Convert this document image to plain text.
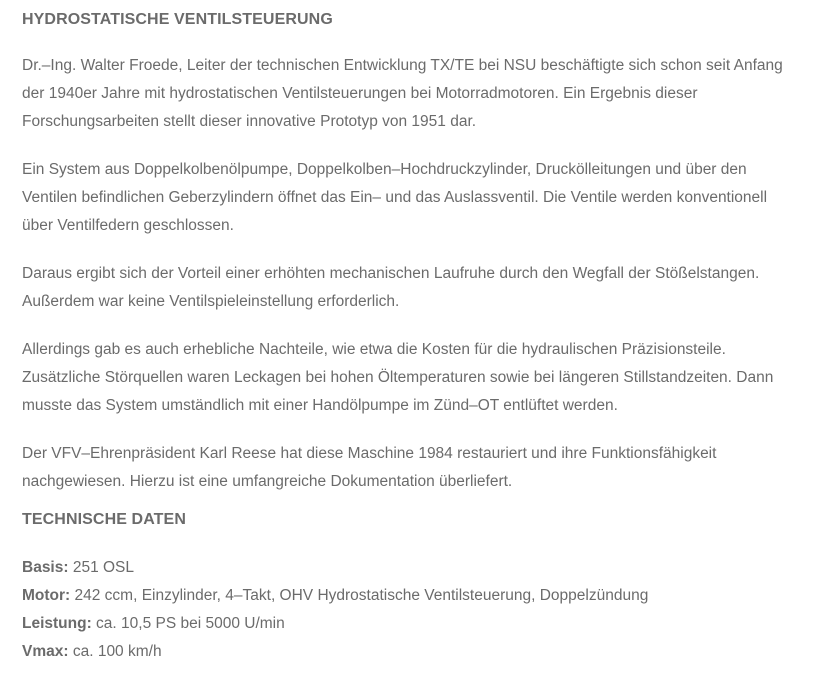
HYDROSTATISCHE VENTILSTEUERUNG

Dr.–Ing. Walter Froede, Leiter der technischen Entwicklung TX/TE bei NSU beschäftigte sich schon seit Anfang der 1940er Jahre mit hydrostatischen Ventilsteuerungen bei Motorradmotoren. Ein Ergebnis dieser Forschungsarbeiten stellt dieser innovative Prototyp von 1951 dar.

Ein System aus Doppelkolbenölpumpe, Doppelkolben–Hochdruckzylinder, Druckölleitungen und über den Ventilen befindlichen Geberzylindern öffnet das Ein– und das Auslassventil. Die Ventile werden konventionell über Ventilfedern geschlossen.

Daraus ergibt sich der Vorteil einer erhöhten mechanischen Laufruhe durch den Wegfall der Stößelstangen. Außerdem war keine Ventilspieleinstellung erforderlich.

Allerdings gab es auch erhebliche Nachteile, wie etwa die Kosten für die hydraulischen Präzisionsteile. Zusätzliche Störquellen waren Leckagen bei hohen Öltemperaturen sowie bei längeren Stillstandzeiten. Dann musste das System umständlich mit einer Handölpumpe im Zünd–OT entlüftet werden.

Der VFV–Ehrenpräsident Karl Reese hat diese Maschine 1984 restauriert und ihre Funktionsfähigkeit nachgewiesen. Hierzu ist eine umfangreiche Dokumentation überliefert.

TECHNISCHE DATEN
Basis: 251 OSL
Motor: 242 ccm, Einzylinder, 4–Takt, OHV Hydrostatische Ventilsteuerung, Doppelzündung
Leistung: ca. 10,5 PS bei 5000 U/min
Vmax: ca. 100 km/h
